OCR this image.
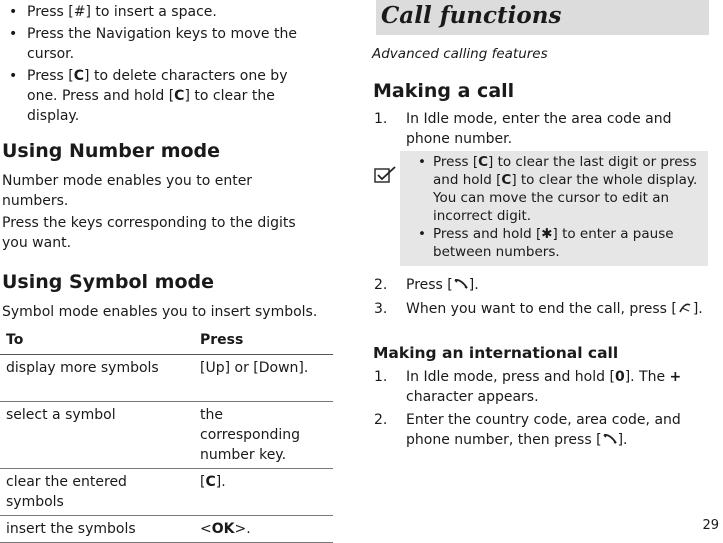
• Press [#] to insert a space.
• Press the Navigation keys to move the cursor.
• Press [C] to delete characters one by one. Press and hold [C] to clear the display.
Using Number mode

Number mode enables you to enter numbers.

Press the keys corresponding to the digits you want.

Using Symbol mode

Symbol mode enables you to insert symbols.

To	Press
display more symbols	[Up] or [Down].
select a symbol	the corresponding number key.
clear the entered symbols	[C].
insert the symbols	<OK>.
Call functions

Advanced calling features

Making a call
1. In Idle mode, enter the area code and phone number.
• Press [C] to clear the last digit or press and hold [C] to clear the whole display. You can move the cursor to edit an incorrect digit.
• Press and hold [✱] to enter a pause between numbers.
2. Press [ ].
3. When you want to end the call, press [ ].
Making an international call
1. In Idle mode, press and hold [0]. The + character appears.
2. Enter the country code, area code, and phone number, then press [ ].
29
